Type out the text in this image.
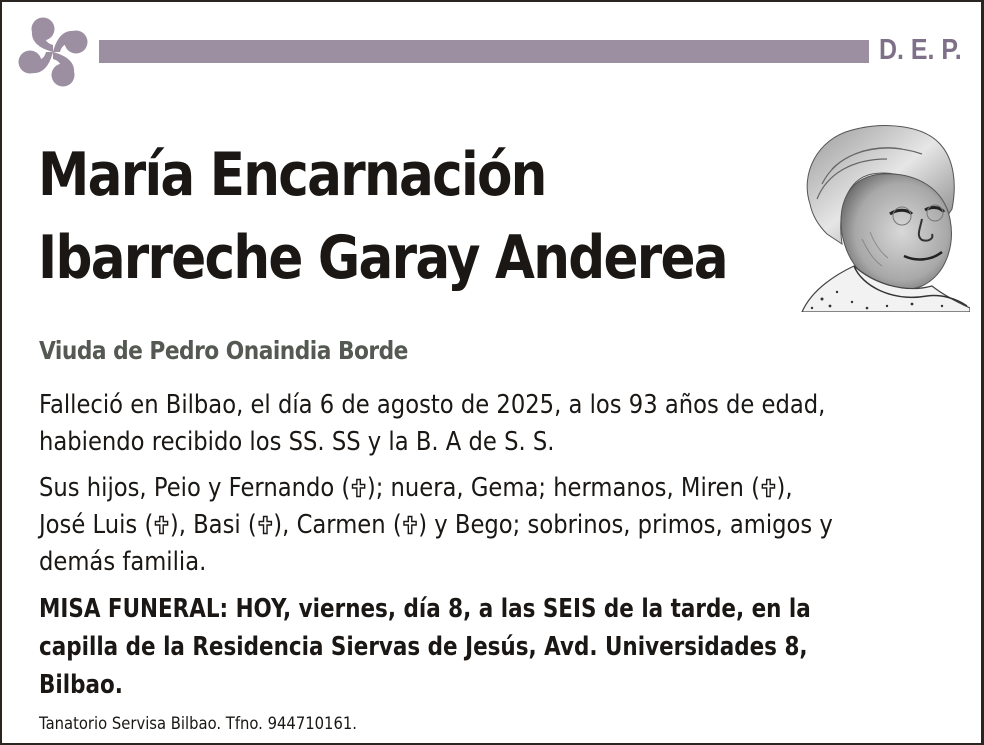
D. E. P.
María Encarnación
Ibarreche Garay Anderea
Viuda de Pedro Onaindia Borde
Falleció en Bilbao, el día 6 de agosto de 2025, a los 93 años de edad,
habiendo recibido los SS. SS y la B. A de S. S.
Sus hijos, Peio y Fernando ( ); nuera, Gema; hermanos, Miren ( ),
José Luis ( ), Basi ( ), Carmen ( ) y Bego; sobrinos, primos, amigos y
demás familia.
MISA FUNERAL: HOY, viernes, día 8, a las SEIS de la tarde, en la
capilla de la Residencia Siervas de Jesús, Avd. Universidades 8,
Bilbao.
Tanatorio Servisa Bilbao. Tfno. 944710161.
